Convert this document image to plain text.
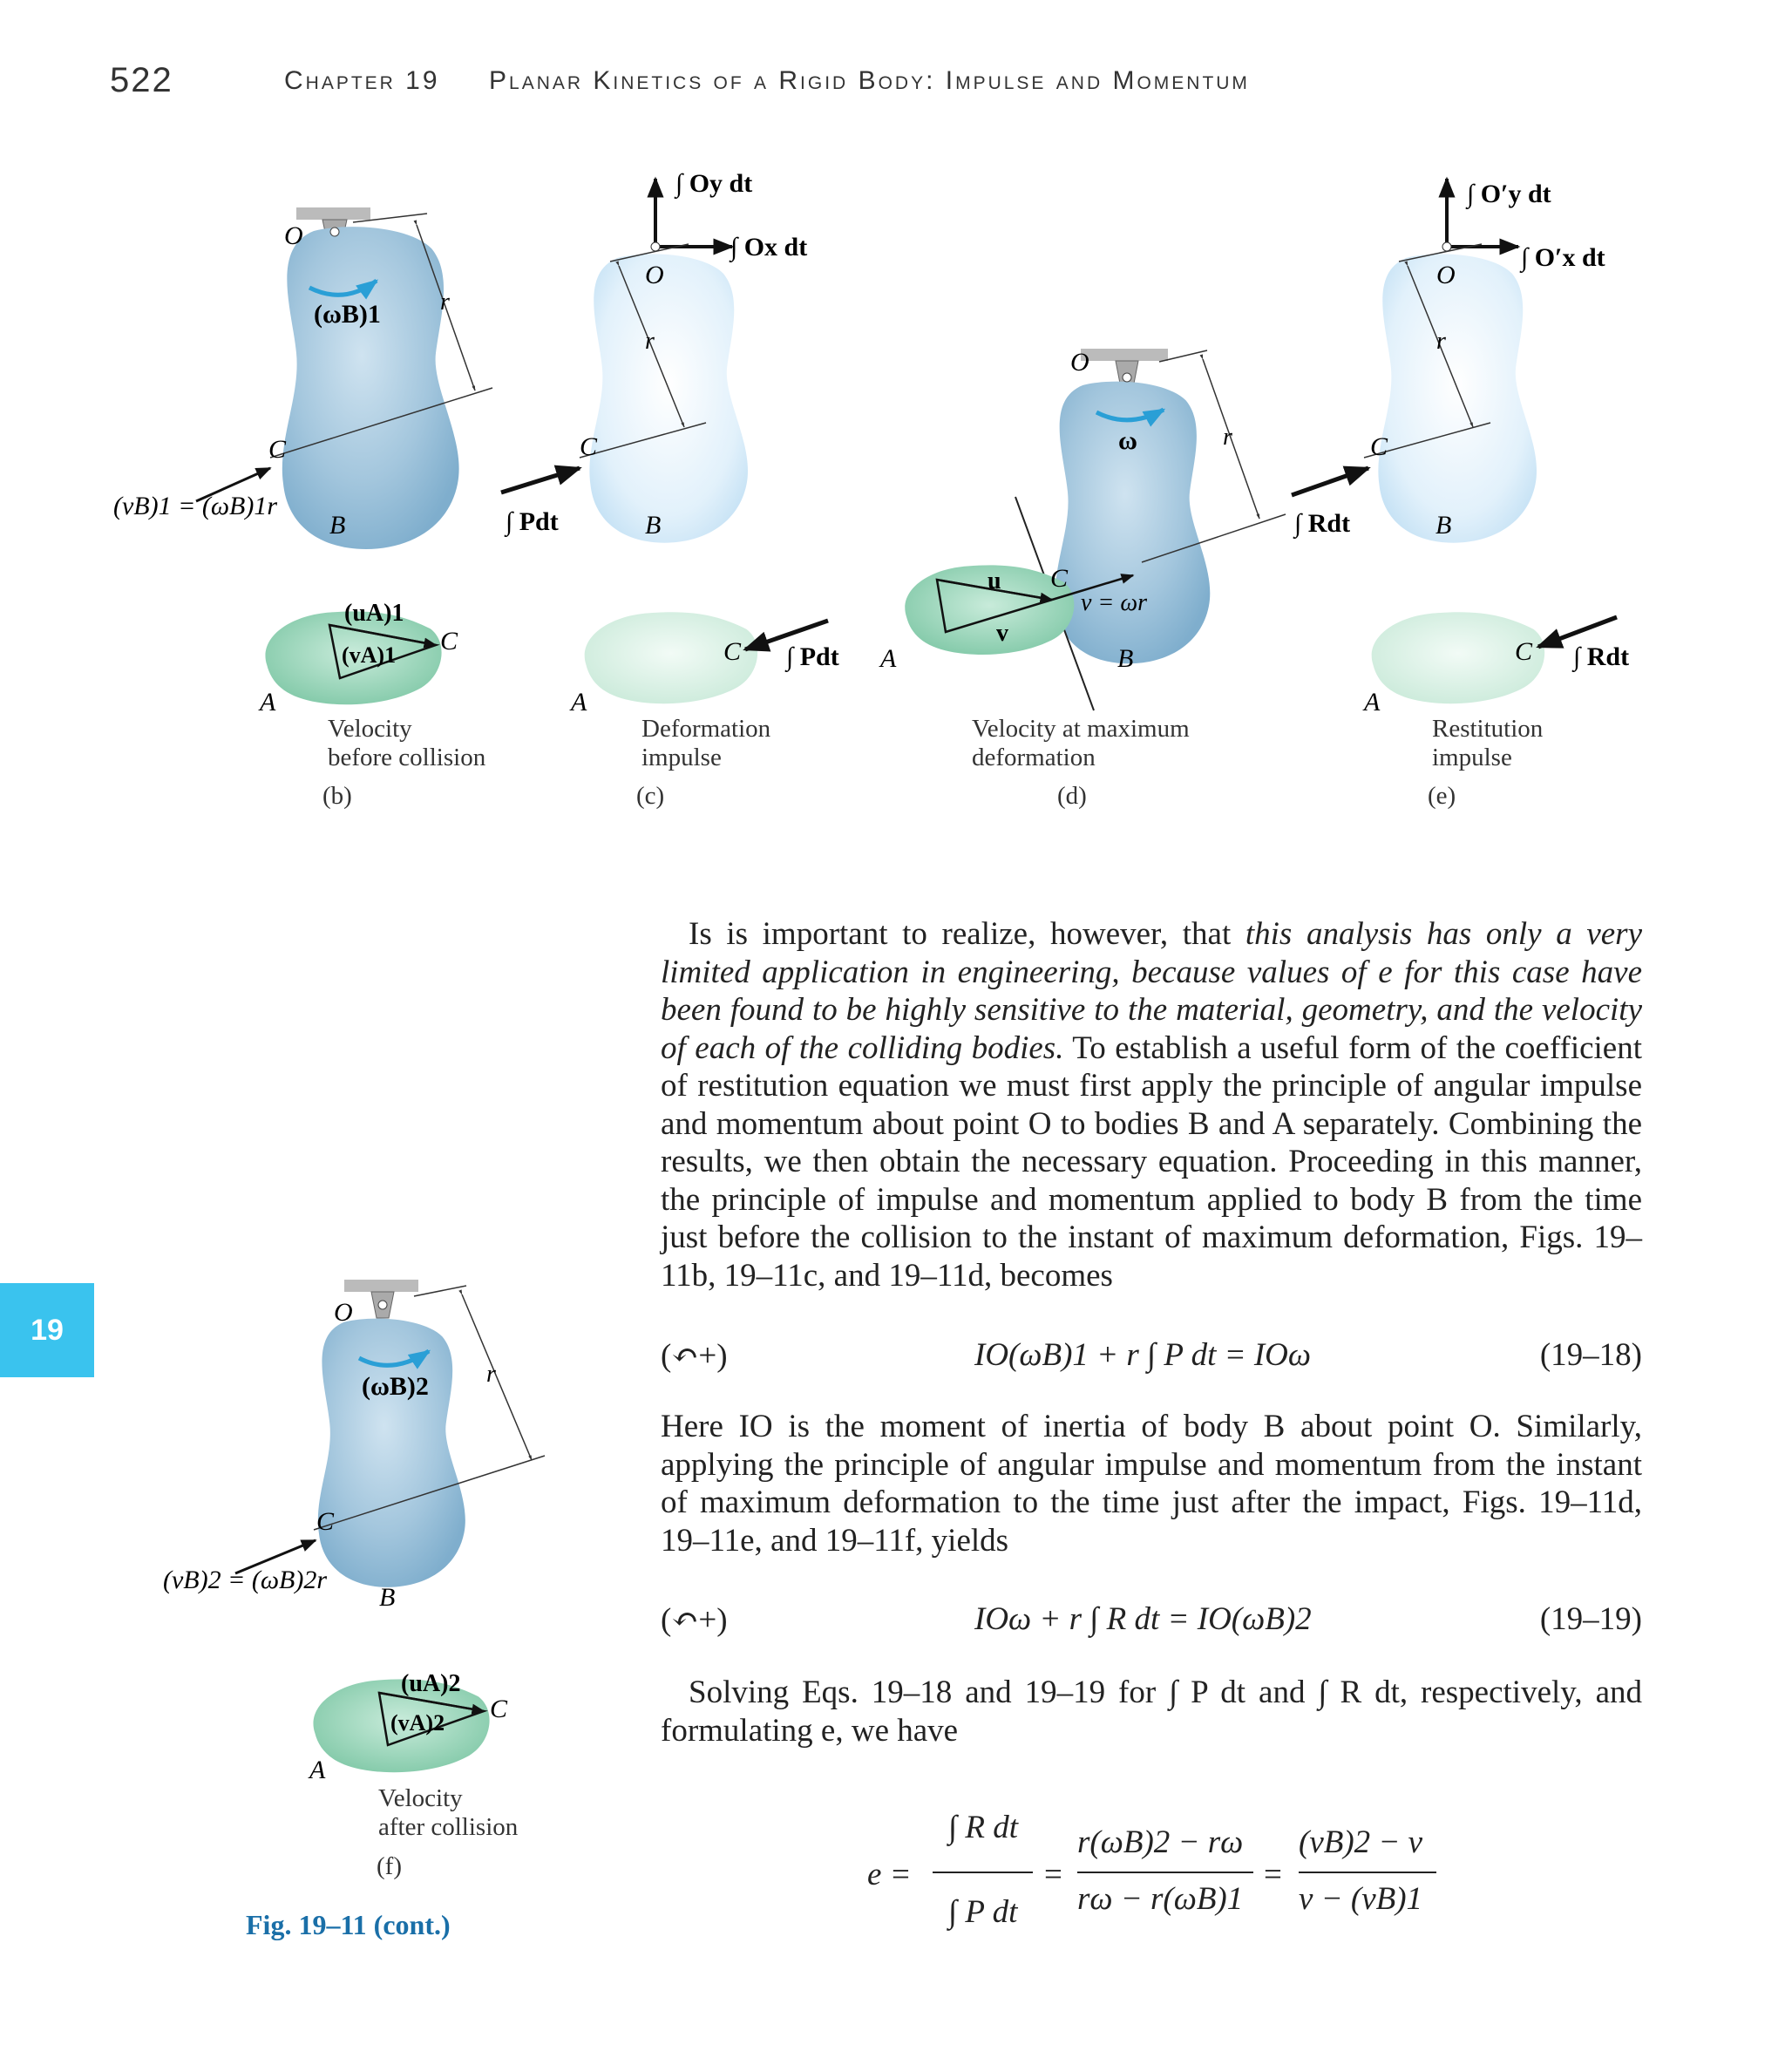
522	Chapter 19 Planar Kinetics of a Rigid Body: Impulse and Momentum
19
O
r
(ωB)1
C
(vB)1 = (ωB)1r
B
(uA)1
(vA)1 C
A
Velocity
before collision
(b)
∫ Oy dt
∫ Ox dt
O
r
C
∫ Pdt	B
C ∫ Pdt
A
Deformation
impulse
(c)
O
r
ω
C
v = ωr
u
v
A	B
Velocity at maximum
deformation
(d)
∫ O′y dt
∫ O′x dt
O
r
C
∫ Rdt	B
C ∫ Rdt
A
Restitution
impulse
(e)
O
r
(ωB)2
C
(vB)2 = (ωB)2r
B
(uA)2
(vA)2 C
A
Velocity
after collision
(f)
Fig. 19–11 (cont.)
Is is important to realize, however, that this analysis has only a very limited application in engineering, because values of e for this case have been found to be highly sensitive to the material, geometry, and the velocity of each of the colliding bodies. To establish a useful form of the coefficient of restitution equation we must first apply the principle of angular impulse and momentum about point O to bodies B and A separately. Combining the results, we then obtain the necessary equation. Proceeding in this manner, the principle of impulse and momentum applied to body B from the time just before the collision to the instant of maximum deformation, Figs. 19–11b, 19–11c, and 19–11d, becomes
(↶+)	IO(ωB)1 + r ∫ P dt = IOω	(19–18)
Here IO is the moment of inertia of body B about point O. Similarly, applying the principle of angular impulse and momentum from the instant of maximum deformation to the time just after the impact, Figs. 19–11d, 19–11e, and 19–11f, yields
(↶+)	IOω + r ∫ R dt = IO(ωB)2	(19–19)
Solving Eqs. 19–18 and 19–19 for ∫ P dt and ∫ R dt, respectively, and formulating e, we have
e =
∫ R dt
∫ P dt
=
r(ωB)2 − rω
rω − r(ωB)1
=
(vB)2 − v
v − (vB)1
